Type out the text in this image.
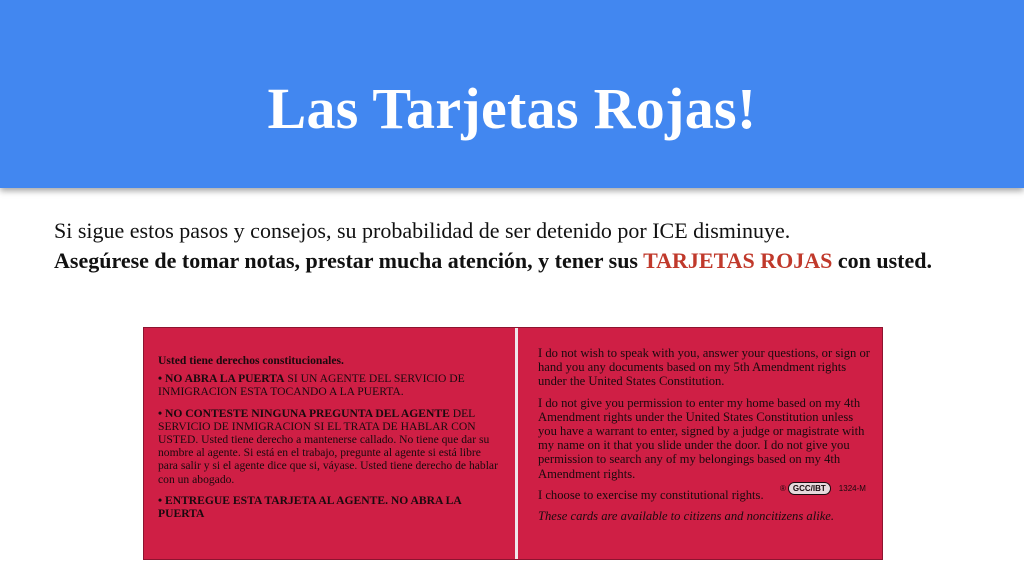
Las Tarjetas Rojas!
Si sigue estos pasos y consejos, su probabilidad de ser detenido por ICE disminuye.
Asegúrese de tomar notas, prestar mucha atención, y tener sus TARJETAS ROJAS con usted.

Usted tiene derechos constitucionales.

• NO ABRA LA PUERTA SI UN AGENTE DEL SERVICIO DE INMIGRACION ESTA TOCANDO A LA PUERTA.

• NO CONTESTE NINGUNA PREGUNTA DEL AGENTE DEL SERVICIO DE INMIGRACION SI EL TRATA DE HABLAR CON USTED. Usted tiene derecho a mantenerse callado. No tiene que dar su nombre al agente. Si está en el trabajo, pregunte al agente si está libre para salir y si el agente dice que si, váyase. Usted tiene derecho de hablar con un abogado.

• ENTREGUE ESTA TARJETA AL AGENTE. NO ABRA LA PUERTA

I do not wish to speak with you, answer your questions, or sign or hand you any documents based on my 5th Amendment rights under the United States Constitution.

I do not give you permission to enter my home based on my 4th Amendment rights under the United States Constitution unless you have a warrant to enter, signed by a judge or magistrate with my name on it that you slide under the door. I do not give you permission to search any of my belongings based on my 4th Amendment rights.

I choose to exercise my constitutional rights.

These cards are available to citizens and noncitizens alike.

® GCC/IBT	1324-M
